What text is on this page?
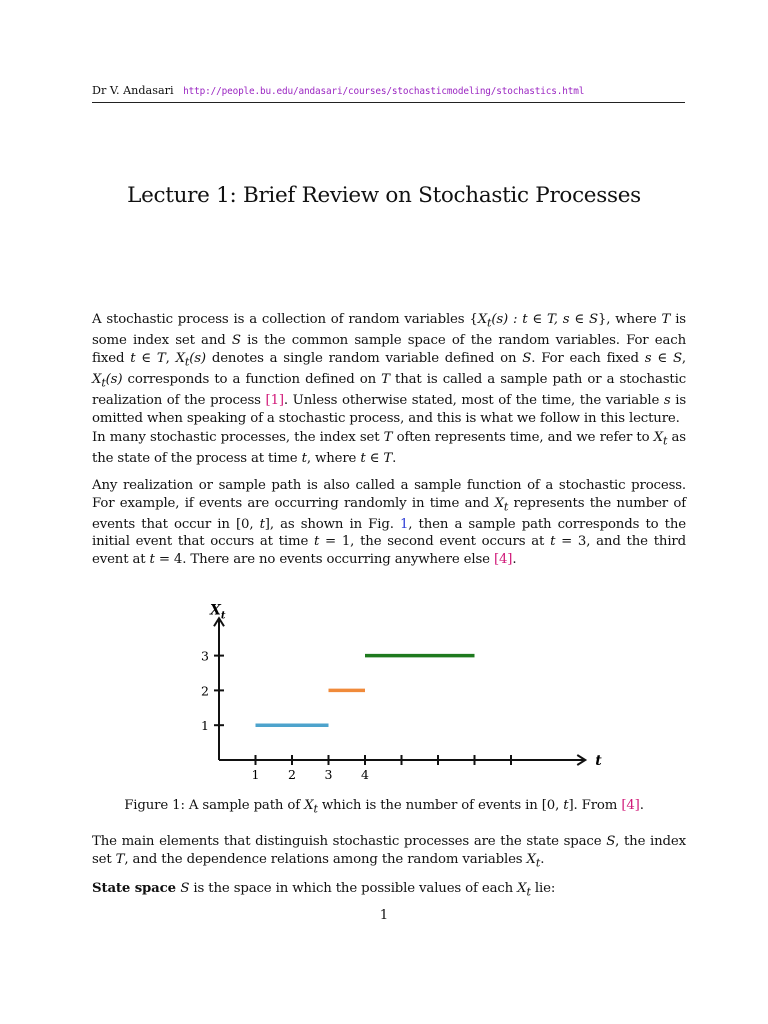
Dr V. Andasari http://people.bu.edu/andasari/courses/stochasticmodeling/stochastics.html
Lecture 1: Brief Review on Stochastic Processes
A stochastic process is a collection of random variables {$X_t(s)$ : t ∈ T, s ∈ S}, where T is some index set and S is the common sample space of the random variables. For each fixed t ∈ T, $X_t(s)$ denotes a single random variable defined on S. For each fixed s ∈ S, $X_t(s)$ corresponds to a function defined on T that is called a sample path or a stochastic realization of the process [1]. Unless otherwise stated, most of the time, the variable s is omitted when speaking of a stochastic process, and this is what we follow in this lecture.
In many stochastic processes, the index set T often represents time, and we refer to $X_t$ as the state of the process at time t, where t ∈ T.
Any realization or sample path is also called a sample function of a stochastic process. For example, if events are occurring randomly in time and $X_t$ represents the number of events that occur in [0, t], as shown in Fig. 1, then a sample path corresponds to the initial event that occurs at time t = 1, the second event occurs at t = 3, and the third event at t = 4. There are no events occurring anywhere else [4].
$X_t$
t
1 2 3 4
1
2
3
Figure 1: A sample path of $X_t$ which is the number of events in [0, t]. From [4].
The main elements that distinguish stochastic processes are the state space S, the index set T, and the dependence relations among the random variables $X_t$.
State space S is the space in which the possible values of each $X_t$ lie:
1
